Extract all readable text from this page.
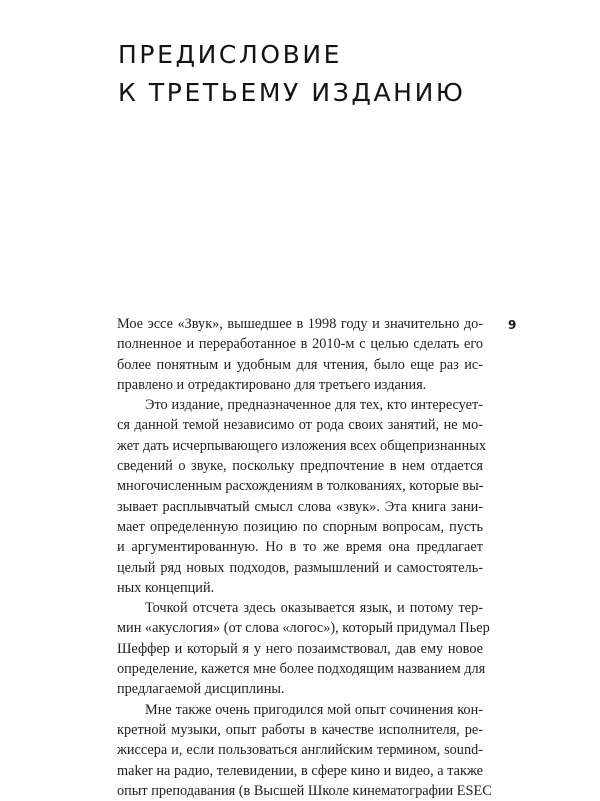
ПРЕДИСЛОВИЕ
К ТРЕТЬЕМУ ИЗДАНИЮ
9

Мое эссе «Звук», вышедшее в 1998 году и значительно до-
полненное и переработанное в 2010-м с целью сделать его
более понятным и удобным для чтения, было еще раз ис-
правлено и отредактировано для третьего издания.

Это издание, предназначенное для тех, кто интересует-
ся данной темой независимо от рода своих занятий, не мо-
жет дать исчерпывающего изложения всех общепризнанных
сведений о звуке, поскольку предпочтение в нем отдается
многочисленным расхождениям в толкованиях, которые вы-
зывает расплывчатый смысл слова «звук». Эта книга зани-
мает определенную позицию по спорным вопросам, пусть
и аргументированную. Но в то же время она предлагает
целый ряд новых подходов, размышлений и самостоятель-
ных концепций.

Точкой отсчета здесь оказывается язык, и потому тер-
мин «акуслогия» (от слова «логос»), который придумал Пьер
Шеффер и который я у него позаимствовал, дав ему новое
определение, кажется мне более подходящим названием для
предлагаемой дисциплины.

Мне также очень пригодился мой опыт сочинения кон-
кретной музыки, опыт работы в качестве исполнителя, ре-
жиссера и, если пользоваться английским термином, sound-
maker на радио, телевидении, в сфере кино и видео, а также
опыт преподавания (в Высшей Школе кинематографии ESEC
